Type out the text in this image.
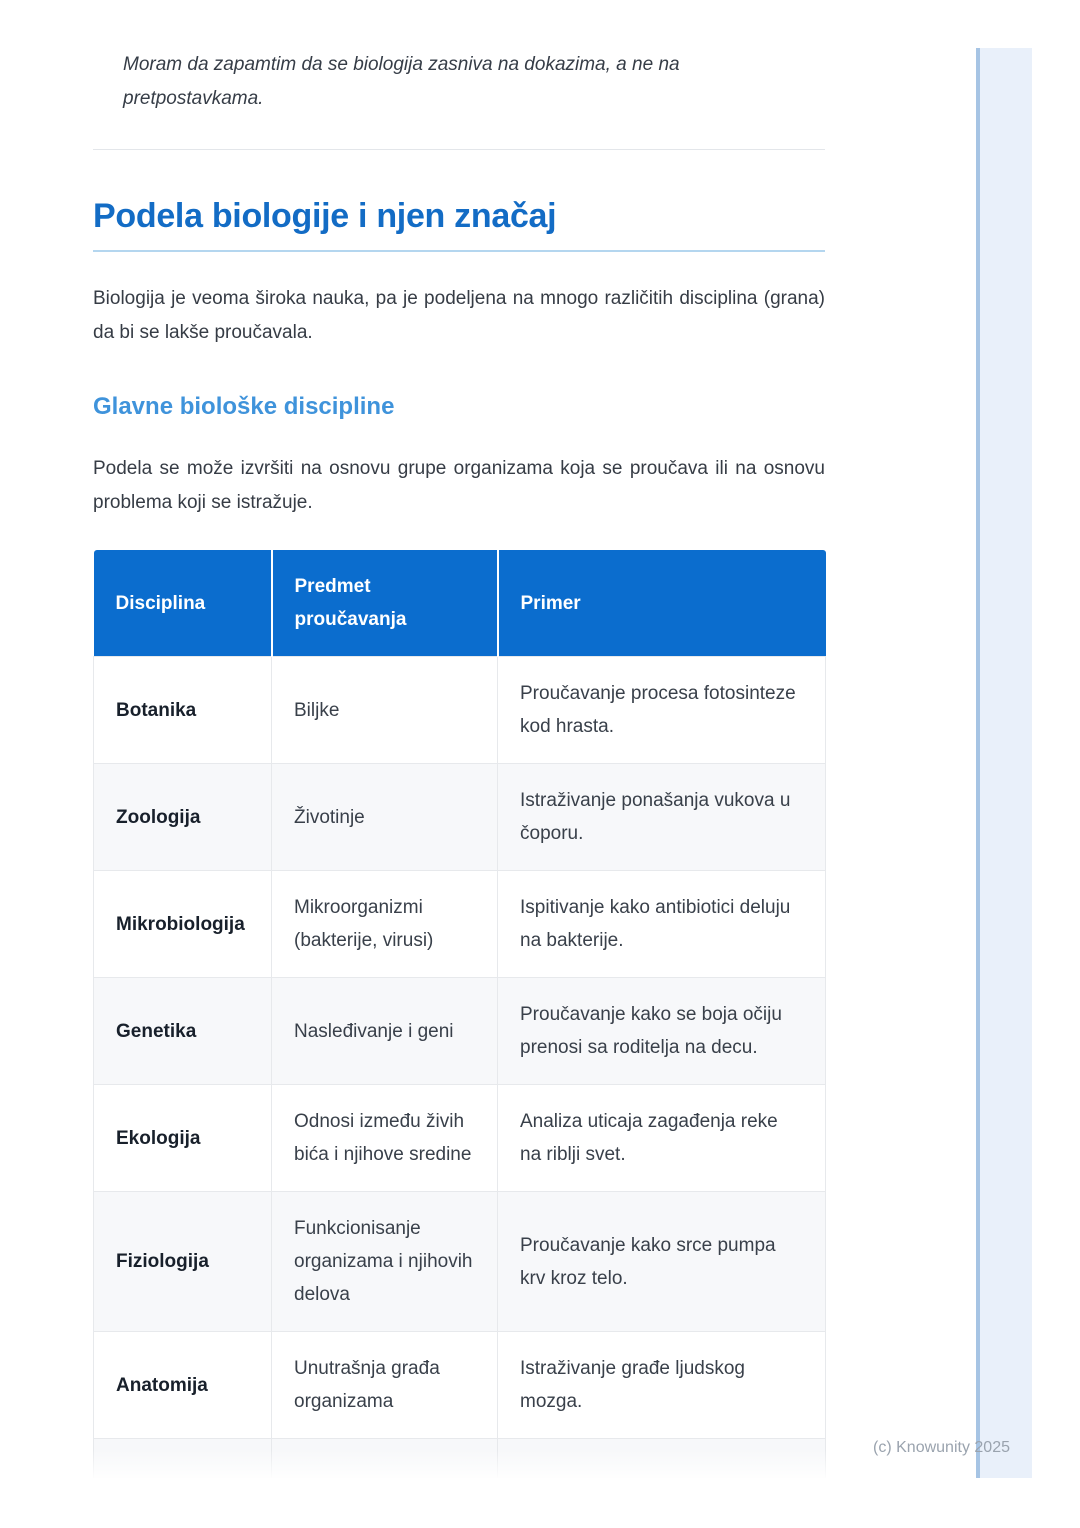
Moram da zapamtim da se biologija zasniva na dokazima, a ne na pretpostavkama.
Podela biologije i njen značaj

Biologija je veoma široka nauka, pa je podeljena na mnogo različitih disciplina (grana) da bi se lakše proučavala.

Glavne biološke discipline

Podela se može izvršiti na osnovu grupe organizama koja se proučava ili na osnovu problema koji se istražuje.

Disciplina	Predmet proučavanja	Primer
Botanika	Biljke	Proučavanje procesa fotosinteze kod hrasta.
Zoologija	Životinje	Istraživanje ponašanja vukova u čoporu.
Mikrobiologija	Mikroorganizmi (bakterije, virusi)	Ispitivanje kako antibiotici deluju na bakterije.
Genetika	Nasleđivanje i geni	Proučavanje kako se boja očiju prenosi sa roditelja na decu.
Ekologija	Odnosi između živih bića i njihove sredine	Analiza uticaja zagađenja reke na riblji svet.
Fiziologija	Funkcionisanje organizama i njihovih delova	Proučavanje kako srce pumpa krv kroz telo.
Anatomija	Unutrašnja građa organizama	Istraživanje građe ljudskog mozga.

(c) Knowunity 2025
